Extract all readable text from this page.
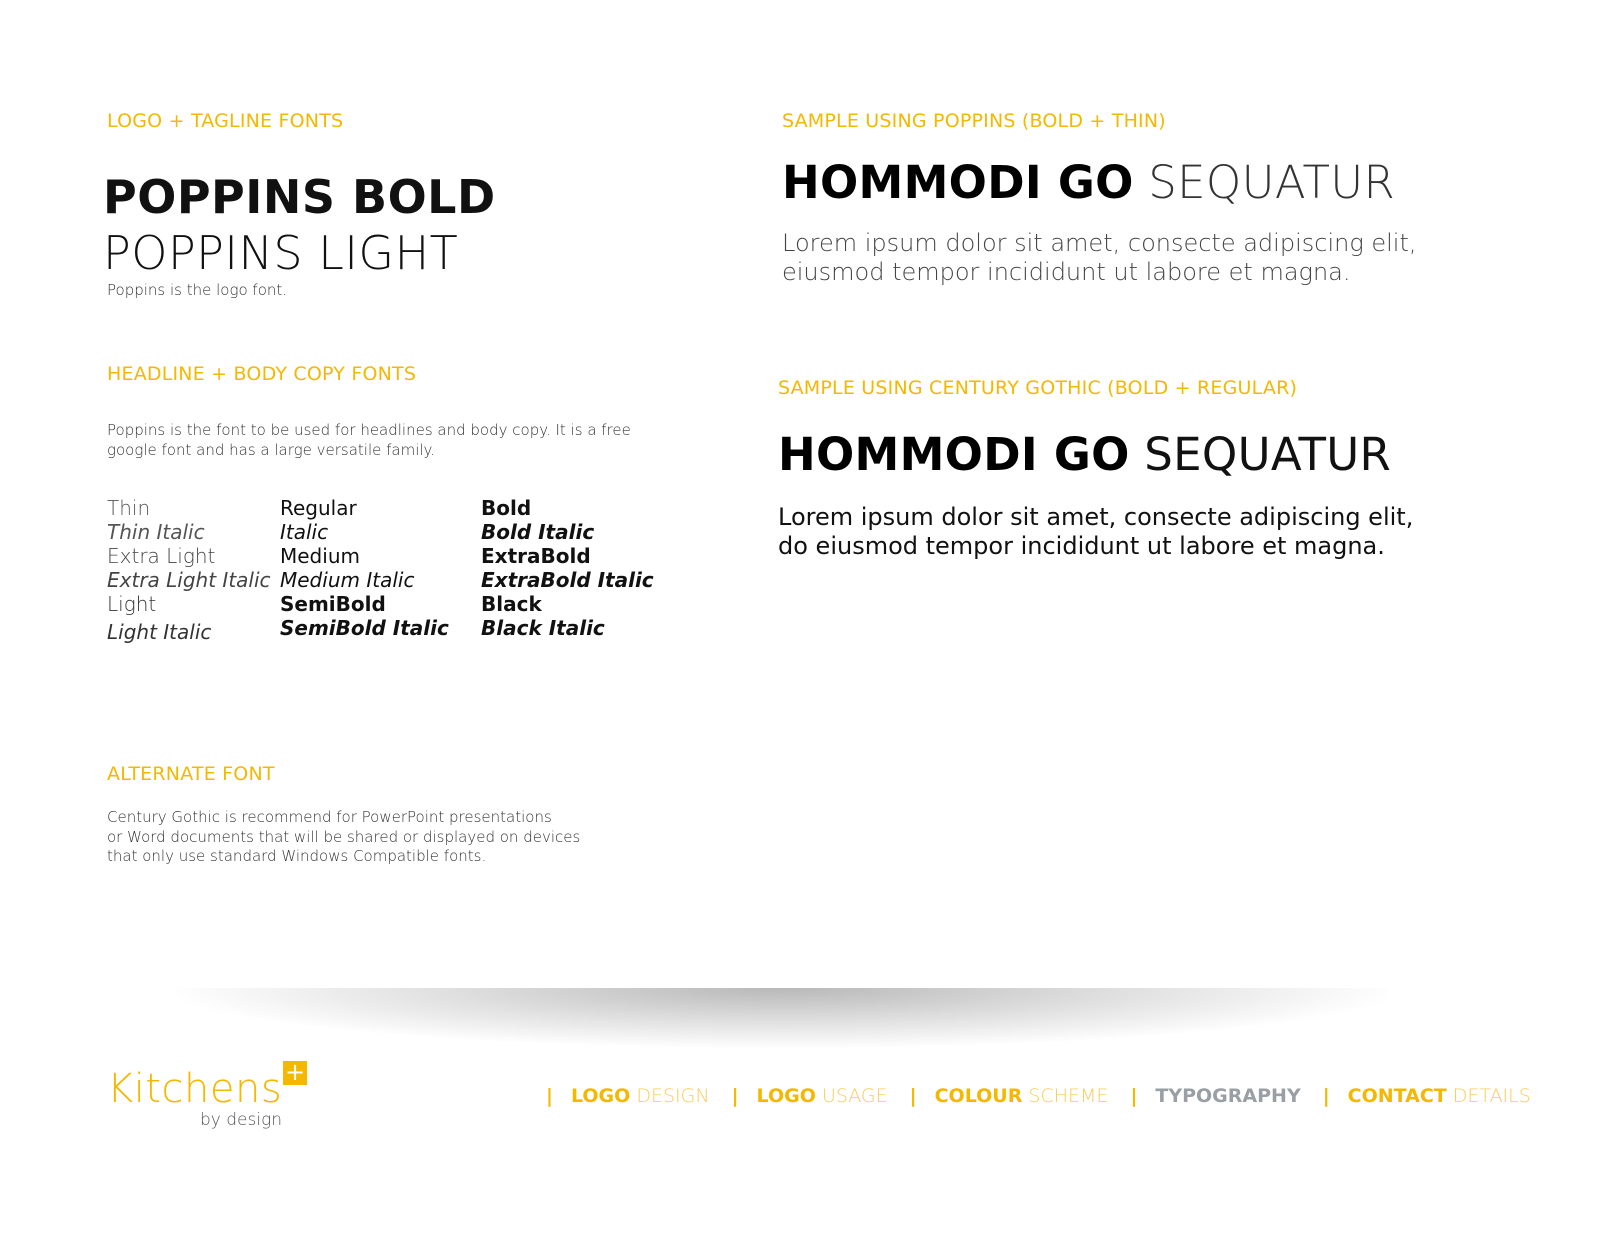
LOGO + TAGLINE FONTS
POPPINS BOLD
POPPINS LIGHT
Poppins is the logo font.
HEADLINE + BODY COPY FONTS
Poppins is the font to be used for headlines and body copy. It is a free
google font and has a large versatile family.
Thin
Thin Italic
Extra Light
Extra Light Italic
Light
Light Italic
Regular
Italic
Medium
Medium Italic
SemiBold
SemiBold Italic
Bold
Bold Italic
ExtraBold
ExtraBold Italic
Black
Black Italic
ALTERNATE FONT
Century Gothic is recommend for PowerPoint presentations
or Word documents that will be shared or displayed on devices
that only use standard Windows Compatible fonts.
SAMPLE USING POPPINS (BOLD + THIN)
HOMMODI GO SEQUATUR
Lorem ipsum dolor sit amet, consecte adipiscing elit,
eiusmod tempor incididunt ut labore et magna.
SAMPLE USING CENTURY GOTHIC (BOLD + REGULAR)
HOMMODI GO SEQUATUR
Lorem ipsum dolor sit amet, consecte adipiscing elit,
do eiusmod tempor incididunt ut labore et magna.
Kitchens +
by design
| LOGO DESIGN | LOGO USAGE | COLOUR SCHEME | TYPOGRAPHY | CONTACT DETAILS
